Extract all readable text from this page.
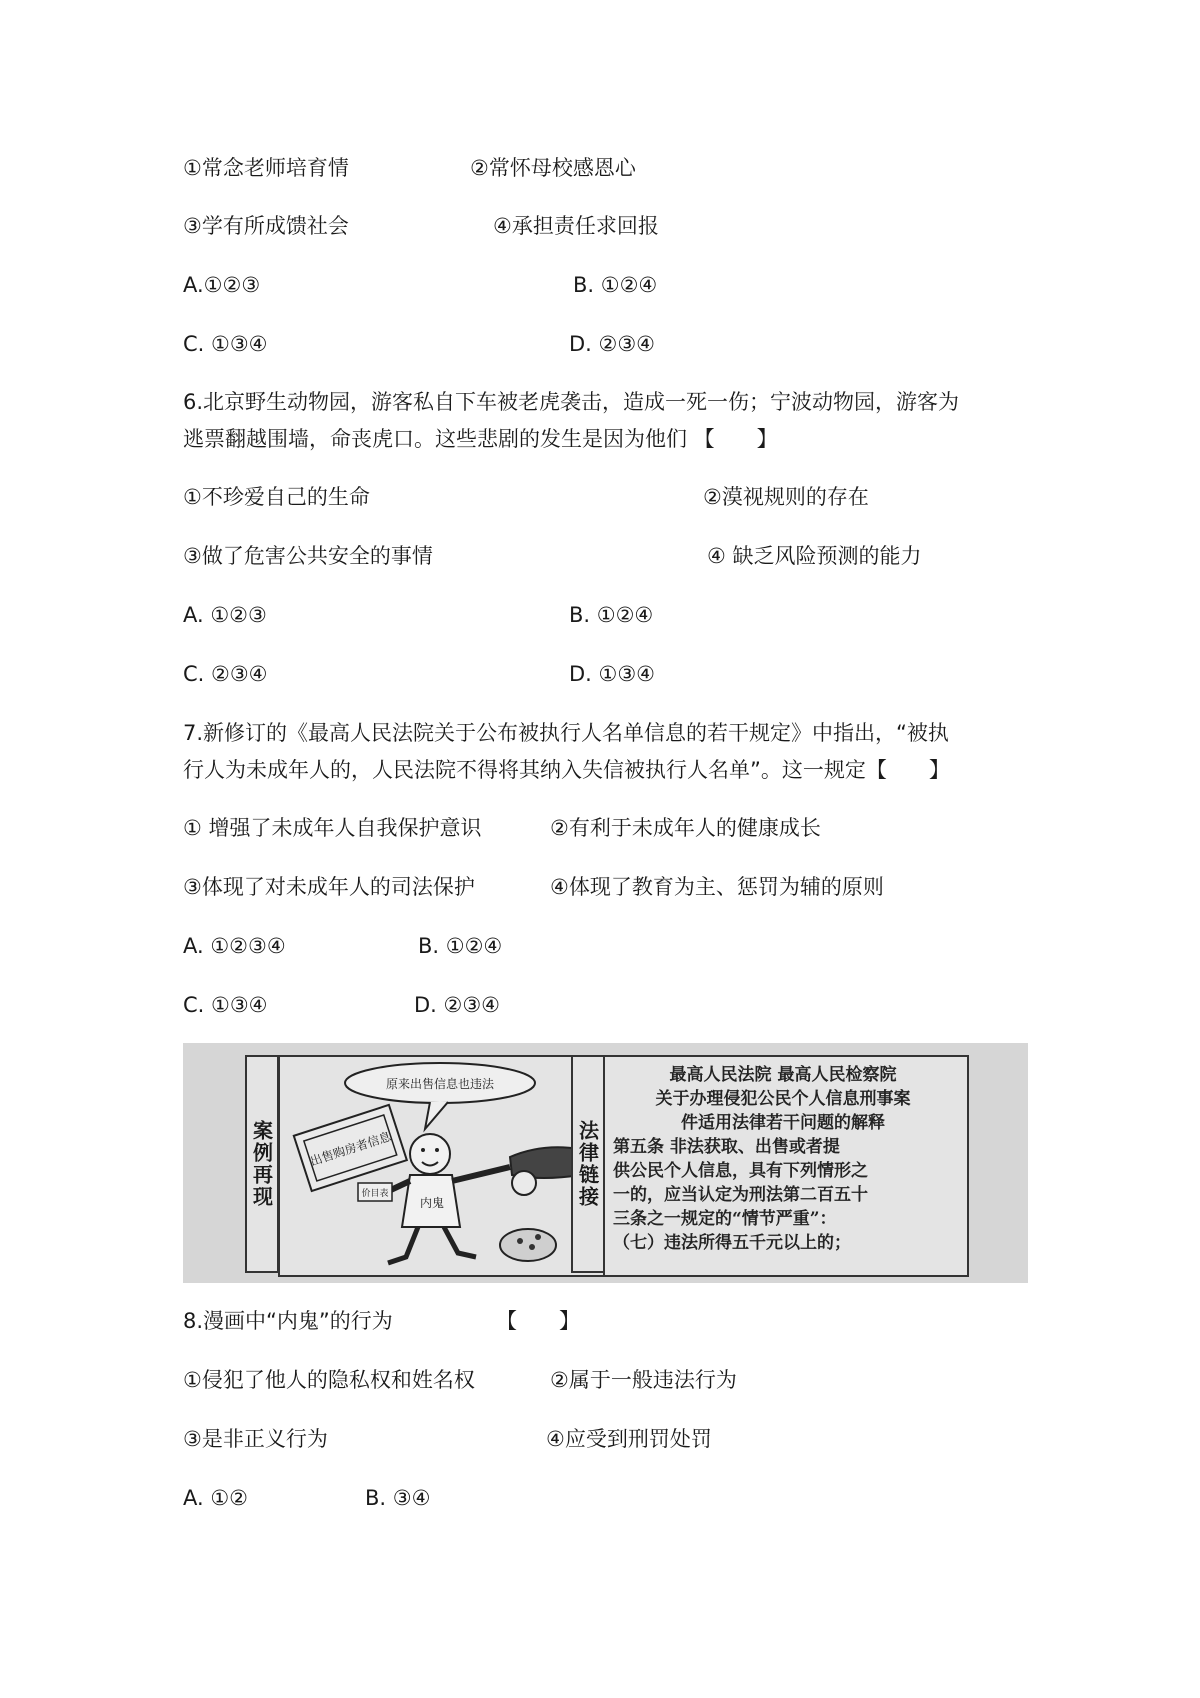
①常念老师培育情	②常怀母校感恩心
③学有所成馈社会	④承担责任求回报
A.①②③	B. ①②④
C. ①③④	D. ②③④
6.北京野生动物园，游客私自下车被老虎袭击，造成一死一伤；宁波动物园，游客为
逃票翻越围墙，命丧虎口。这些悲剧的发生是因为他们 【　　】
①不珍爱自己的生命	②漠视规则的存在
③做了危害公共安全的事情	④ 缺乏风险预测的能力
A. ①②③	B. ①②④
C. ②③④	D. ①③④
7.新修订的《最高人民法院关于公布被执行人名单信息的若干规定》中指出，“被执
行人为未成年人的，人民法院不得将其纳入失信被执行人名单”。这一规定【　　】
① 增强了未成年人自我保护意识	②有利于未成年人的健康成长
③体现了对未成年人的司法保护	④体现了教育为主、惩罚为辅的原则
A. ①②③④	B. ①②④
C. ①③④	D. ②③④
案例再现
原来出售信息也违法
出售购房者信息
内鬼
价目表	法律链接
最高人民法院 最高人民检察院
关于办理侵犯公民个人信息刑事案
件适用法律若干问题的解释
第五条 非法获取、出售或者提
供公民个人信息，具有下列情形之
一的，应当认定为刑法第二百五十
三条之一规定的“情节严重”：
（七）违法所得五千元以上的；
8.漫画中“内鬼”的行为	【　　】
①侵犯了他人的隐私权和姓名权	②属于一般违法行为
③是非正义行为	④应受到刑罚处罚
A. ①②	B. ③④
